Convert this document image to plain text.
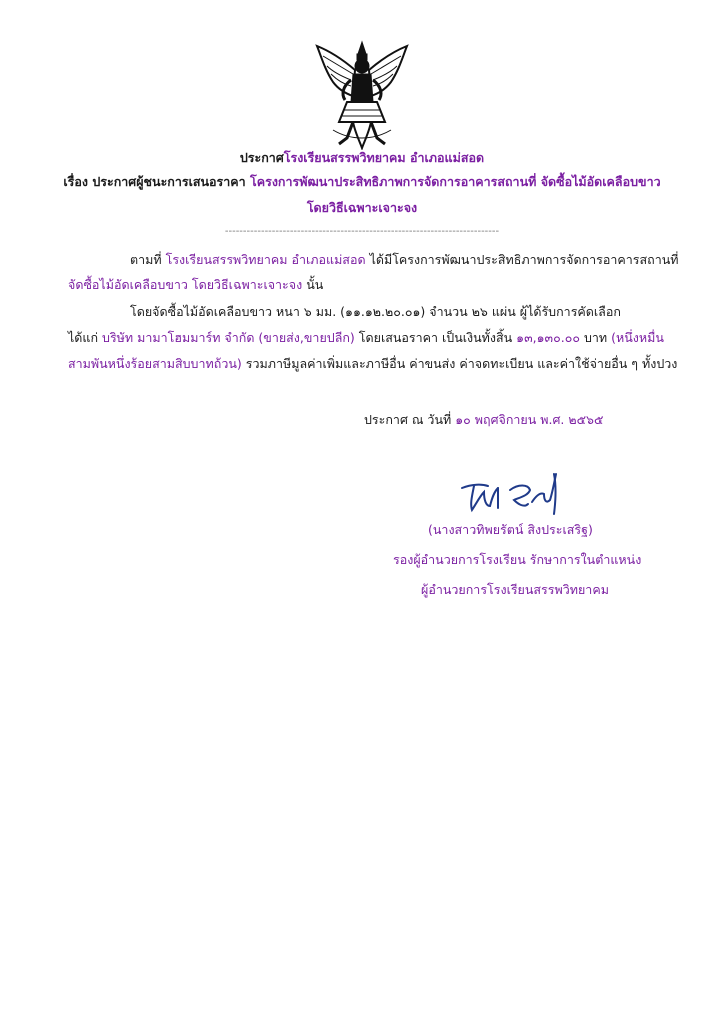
ประกาศโรงเรียนสรรพวิทยาคม อำเภอแม่สอด
เรื่อง ประกาศผู้ชนะการเสนอราคา โครงการพัฒนาประสิทธิภาพการจัดการอาคารสถานที่ จัดซื้อไม้อัดเคลือบขาว
โดยวิธีเฉพาะเจาะจง
----------------------------------------------------------------------------
ตามที่ โรงเรียนสรรพวิทยาคม อำเภอแม่สอด ได้มีโครงการพัฒนาประสิทธิภาพการจัดการอาคารสถานที่
จัดซื้อไม้อัดเคลือบขาว โดยวิธีเฉพาะเจาะจง นั้น
โดยจัดซื้อไม้อัดเคลือบขาว หนา ๖ มม. (๑๑.๑๒.๒๐.๐๑) จำนวน ๒๖ แผ่น ผู้ได้รับการคัดเลือก
ได้แก่ บริษัท มามาโฮมมาร์ท จำกัด (ขายส่ง,ขายปลีก) โดยเสนอราคา เป็นเงินทั้งสิ้น ๑๓,๑๓๐.๐๐ บาท (หนึ่งหมื่น
สามพันหนึ่งร้อยสามสิบบาทถ้วน) รวมภาษีมูลค่าเพิ่มและภาษีอื่น ค่าขนส่ง ค่าจดทะเบียน และค่าใช้จ่ายอื่น ๆ ทั้งปวง
ประกาศ ณ วันที่ ๑๐ พฤศจิกายน พ.ศ. ๒๕๖๕
(นางสาวทิพยรัตน์ สิงประเสริฐ)
รองผู้อำนวยการโรงเรียน รักษาการในตำแหน่ง
ผู้อำนวยการโรงเรียนสรรพวิทยาคม
